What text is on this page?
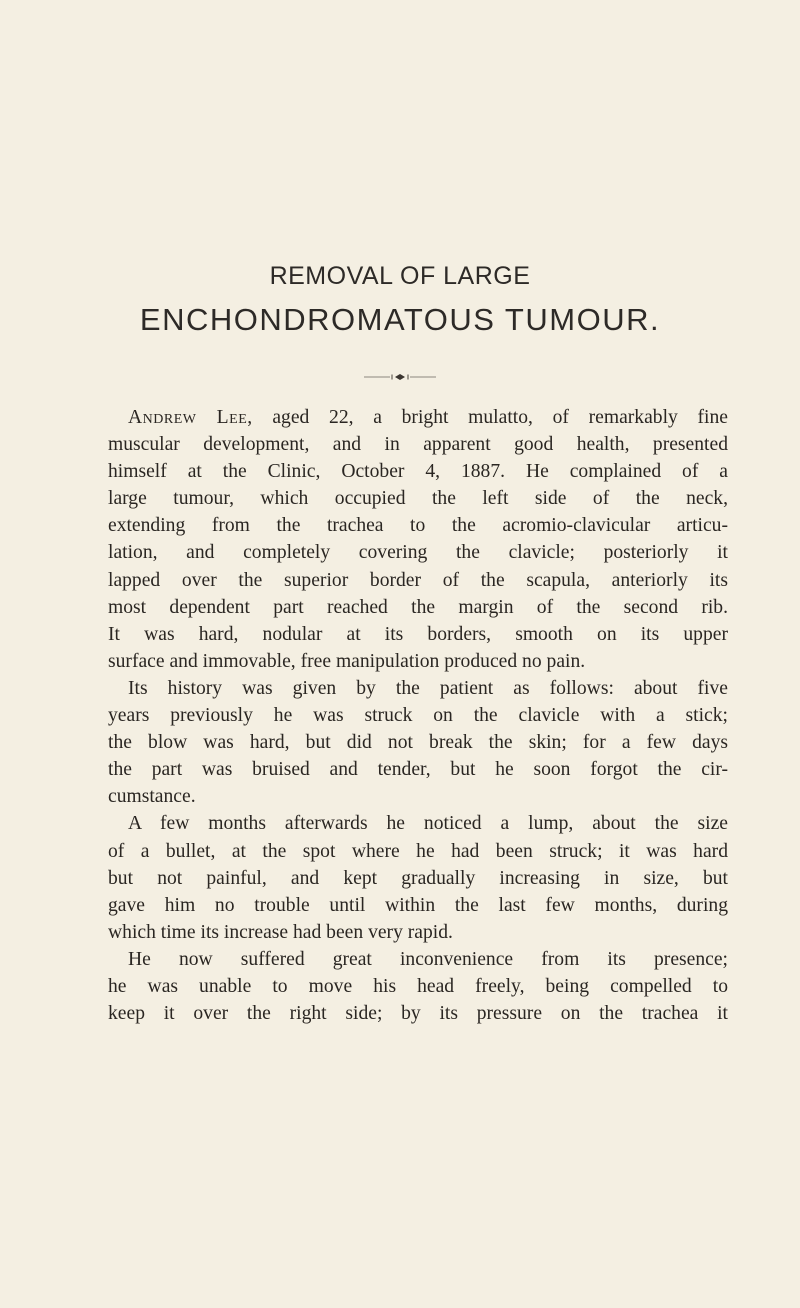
REMOVAL OF LARGE
ENCHONDROMATOUS TUMOUR.
Andrew Lee, aged 22, a bright mulatto, of remarkably fine
muscular development, and in apparent good health, presented
himself at the Clinic, October 4, 1887. He complained of a
large tumour, which occupied the left side of the neck,
extending from the trachea to the acromio-clavicular articu-
lation, and completely covering the clavicle; posteriorly it
lapped over the superior border of the scapula, anteriorly its
most dependent part reached the margin of the second rib.
It was hard, nodular at its borders, smooth on its upper
surface and immovable, free manipulation produced no pain.
Its history was given by the patient as follows: about five
years previously he was struck on the clavicle with a stick;
the blow was hard, but did not break the skin; for a few days
the part was bruised and tender, but he soon forgot the cir-
cumstance.
A few months afterwards he noticed a lump, about the size
of a bullet, at the spot where he had been struck; it was hard
but not painful, and kept gradually increasing in size, but
gave him no trouble until within the last few months, during
which time its increase had been very rapid.
He now suffered great inconvenience from its presence;
he was unable to move his head freely, being compelled to
keep it over the right side; by its pressure on the trachea it
